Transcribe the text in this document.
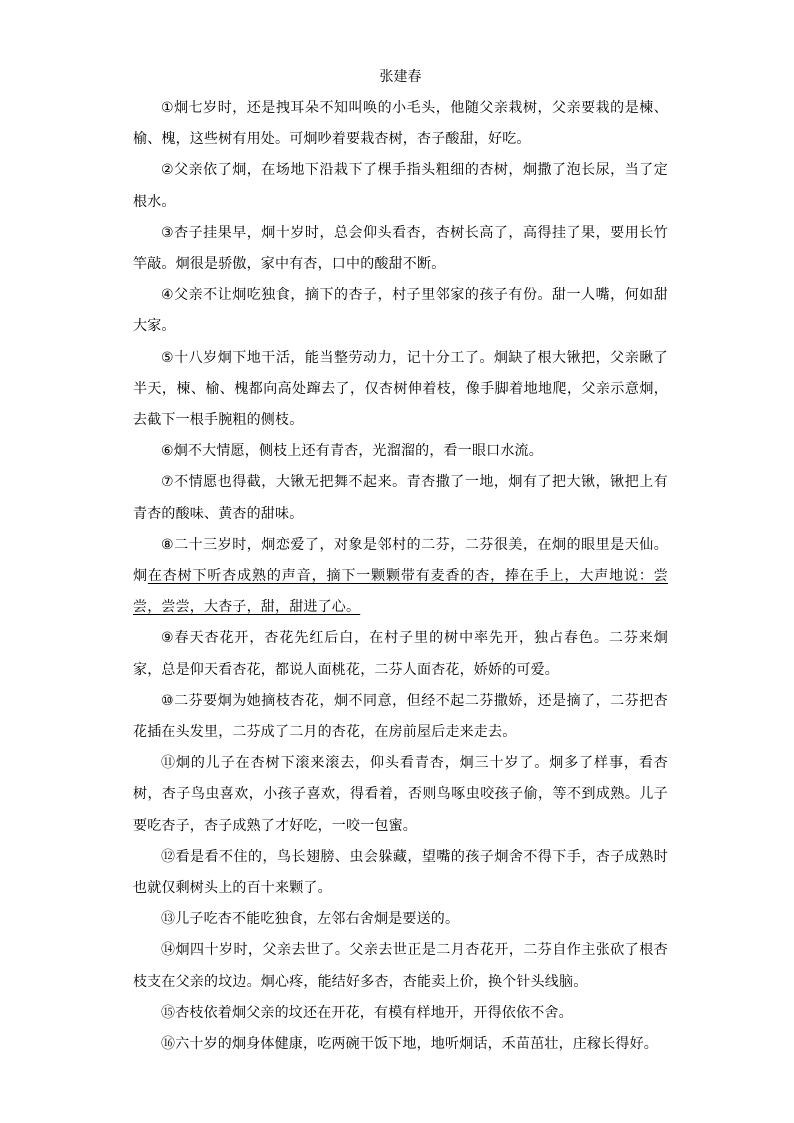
张建春

①炯七岁时，还是拽耳朵不知叫唤的小毛头，他随父亲栽树，父亲要栽的是楝、榆、槐，这些树有用处。可炯吵着要栽杏树，杏子酸甜，好吃。

②父亲依了炯，在场地下沿栽下了棵手指头粗细的杏树，炯撒了泡长尿，当了定根水。

③杏子挂果早，炯十岁时，总会仰头看杏，杏树长高了，高得挂了果，要用长竹竿敲。炯很是骄傲，家中有杏，口中的酸甜不断。

④父亲不让炯吃独食，摘下的杏子，村子里邻家的孩子有份。甜一人嘴，何如甜大家。

⑤十八岁炯下地干活，能当整劳动力，记十分工了。炯缺了根大锹把，父亲瞅了半天，楝、榆、槐都向高处蹿去了，仅杏树伸着枝，像手脚着地地爬，父亲示意炯，去截下一根手腕粗的侧枝。

⑥炯不大情愿，侧枝上还有青杏，光溜溜的，看一眼口水流。

⑦不情愿也得截，大锹无把舞不起来。青杏撒了一地，炯有了把大锹，锹把上有青杏的酸味、黄杏的甜味。

⑧二十三岁时，炯恋爱了，对象是邻村的二芬，二芬很美，在炯的眼里是天仙。炯在杏树下听杏成熟的声音，摘下一颗颗带有麦香的杏，捧在手上，大声地说：尝尝，尝尝，大杏子，甜，甜进了心。

⑨春天杏花开，杏花先红后白，在村子里的树中率先开，独占春色。二芬来炯家，总是仰天看杏花，都说人面桃花，二芬人面杏花，娇娇的可爱。

⑩二芬要炯为她摘枝杏花，炯不同意，但经不起二芬撒娇，还是摘了，二芬把杏花插在头发里，二芬成了二月的杏花，在房前屋后走来走去。

⑪炯的儿子在杏树下滚来滚去，仰头看青杏，炯三十岁了。炯多了样事，看杏树，杏子鸟虫喜欢，小孩子喜欢，得看着，否则鸟啄虫咬孩子偷，等不到成熟。儿子要吃杏子，杏子成熟了才好吃，一咬一包蜜。

⑫看是看不住的，鸟长翅膀、虫会躲藏，望嘴的孩子炯舍不得下手，杏子成熟时也就仅剩树头上的百十来颗了。

⑬儿子吃杏不能吃独食，左邻右舍炯是要送的。

⑭炯四十岁时，父亲去世了。父亲去世正是二月杏花开，二芬自作主张砍了根杏枝支在父亲的坟边。炯心疼，能结好多杏，杏能卖上价，换个针头线脑。

⑮杏枝依着炯父亲的坟还在开花，有模有样地开，开得依依不舍。

⑯六十岁的炯身体健康，吃两碗干饭下地，地听炯话，禾苗茁壮，庄稼长得好。
